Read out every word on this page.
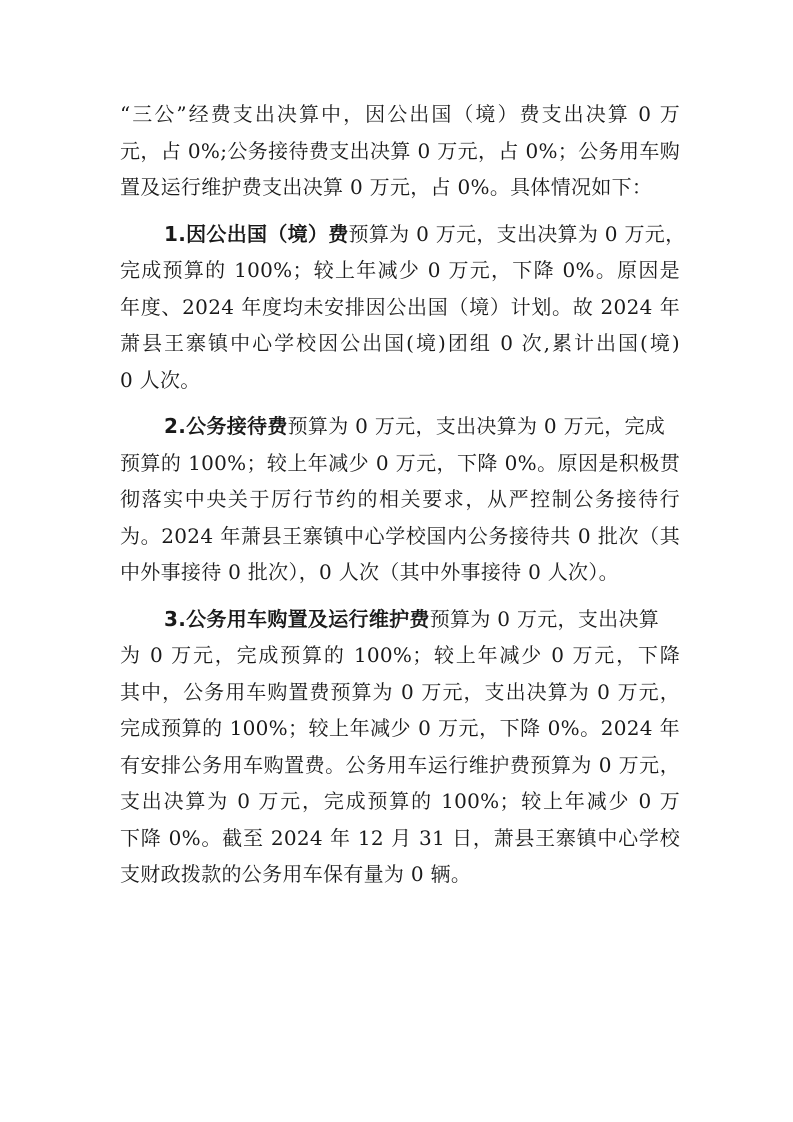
“三公”经费支出决算中，因公出国（境）费支出决算 0 万
元，占 0%;公务接待费支出决算 0 万元，占 0%；公务用车购
置及运行维护费支出决算 0 万元，占 0%。具体情况如下：
1.因公出国（境）费预算为 0 万元，支出决算为 0 万元，
完成预算的 100%；较上年减少 0 万元，下降 0%。原因是
年度、2024 年度均未安排因公出国（境）计划。故 2024 年
萧县王寨镇中心学校因公出国(境)团组 0 次,累计出国(境)
0 人次。
2.公务接待费预算为 0 万元，支出决算为 0 万元，完成
预算的 100%；较上年减少 0 万元，下降 0%。原因是积极贯
彻落实中央关于厉行节约的相关要求，从严控制公务接待行
为。2024 年萧县王寨镇中心学校国内公务接待共 0 批次（其
中外事接待 0 批次），0 人次（其中外事接待 0 人次）。
3.公务用车购置及运行维护费预算为 0 万元，支出决算
为 0 万元，完成预算的 100%；较上年减少 0 万元，下降
其中，公务用车购置费预算为 0 万元，支出决算为 0 万元，
完成预算的 100%；较上年减少 0 万元，下降 0%。2024 年
有安排公务用车购置费。公务用车运行维护费预算为 0 万元，
支出决算为 0 万元，完成预算的 100%；较上年减少 0 万
下降 0%。截至 2024 年 12 月 31 日，萧县王寨镇中心学校
支财政拨款的公务用车保有量为 0 辆。
